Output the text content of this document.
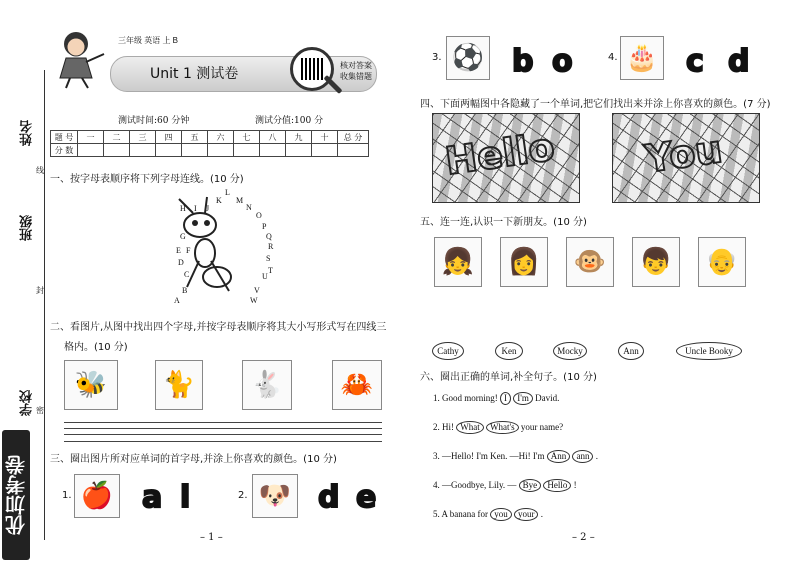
姓名
班级
学校
线
封
密
优加考卷
三年级 英语 上 B
Unit 1 测试卷
核对答案
收集错题
测试时间:60 分钟	测试分值:100 分
题 号	一	二	三	四	五	六	七	八	九	十	总 分
分 数											
一、按字母表顺序将下列字母连线。(10 分)
L
M
K
N
J
O
H I
P
G	Q
R
E F
S
D
T
C	U
B	V
A	W
二、看图片,从图中找出四个字母,并按字母表顺序将其大小写形式写在四线三
格内。(10 分)
🐝	🐈	🐇	🦀
三、圈出图片所对应单词的首字母,并涂上你喜欢的颜色。(10 分)
1. 🍎 a l	2. 🐶 d e
– 1 –
3. ⚽ b o	4. 🎂 c d
四、下面两幅图中各隐藏了一个单词,把它们找出来并涂上你喜欢的颜色。(7 分)
Hello You
五、连一连,认识一下新朋友。(10 分)
👧 👩 🐵 👦 👴
Cathy	Ken	Mocky	Ann	Uncle Booky
六、圈出正确的单词,补全句子。(10 分)
1. Good morning! I I'm David.
2. Hi! What What's your name?
3. —Hello! I'm Ken. —Hi! I'm Ann ann .
4. —Goodbye, Lily. — Bye Hello !
5. A banana for you your .
– 2 –
